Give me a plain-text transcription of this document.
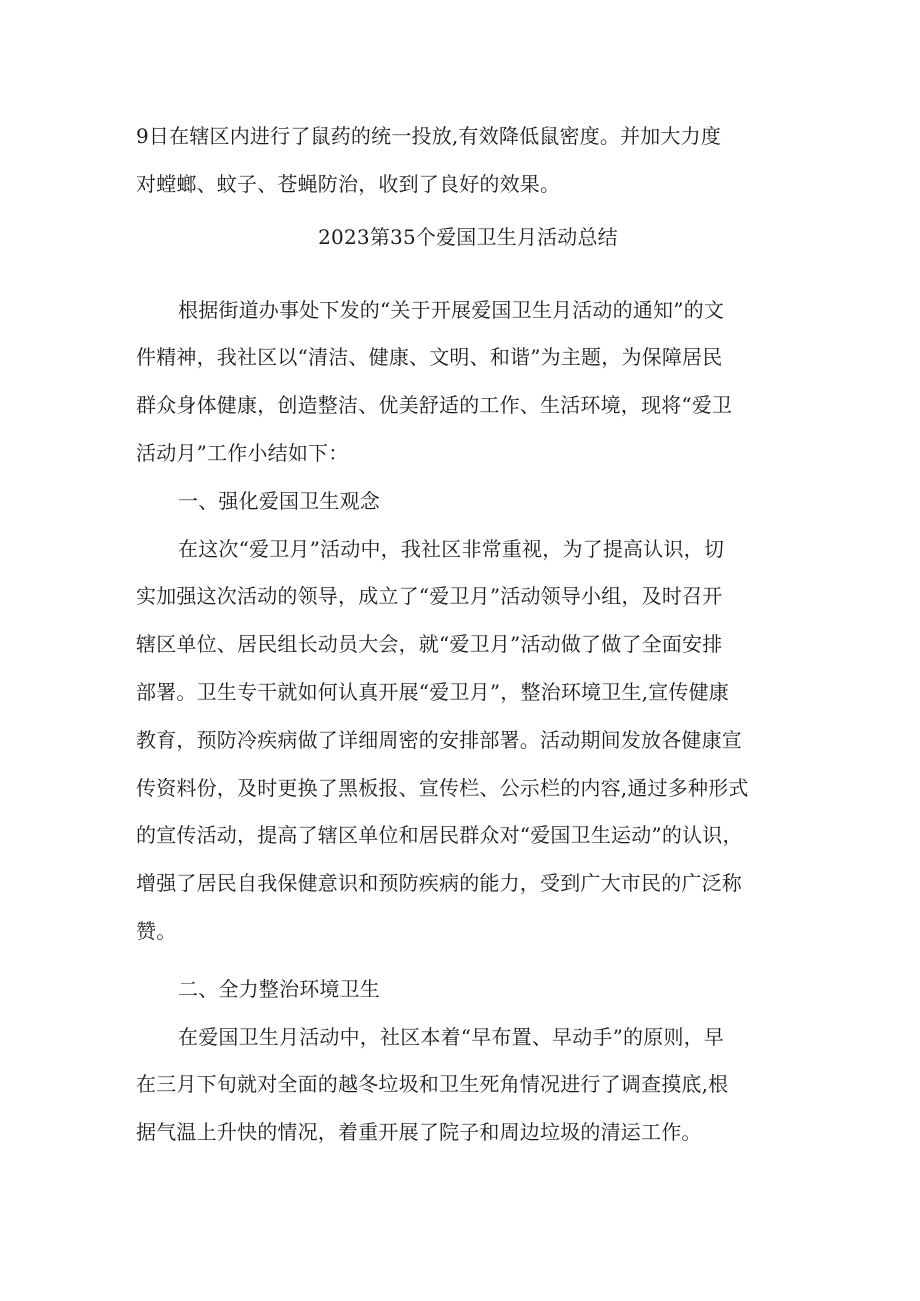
9日在辖区内进行了鼠药的统一投放,有效降低鼠密度。并加大力度
对螳螂、蚊子、苍蝇防治，收到了良好的效果。
2023第35个爱国卫生月活动总结
根据街道办事处下发的“关于开展爱国卫生月活动的通知”的文
件精神，我社区以“清洁、健康、文明、和谐”为主题，为保障居民
群众身体健康，创造整洁、优美舒适的工作、生活环境，现将“爱卫
活动月”工作小结如下：
一、强化爱国卫生观念
在这次“爱卫月”活动中，我社区非常重视，为了提高认识，切
实加强这次活动的领导，成立了“爱卫月”活动领导小组，及时召开
辖区单位、居民组长动员大会，就“爱卫月”活动做了做了全面安排
部署。卫生专干就如何认真开展“爱卫月”，整治环境卫生,宣传健康
教育，预防冷疾病做了详细周密的安排部署。活动期间发放各健康宣
传资料份，及时更换了黑板报、宣传栏、公示栏的内容,通过多种形式
的宣传活动，提高了辖区单位和居民群众对“爱国卫生运动”的认识，
增强了居民自我保健意识和预防疾病的能力，受到广大市民的广泛称
赞。
二、全力整治环境卫生
在爱国卫生月活动中，社区本着“早布置、早动手”的原则，早
在三月下旬就对全面的越冬垃圾和卫生死角情况进行了调查摸底,根
据气温上升快的情况，着重开展了院子和周边垃圾的清运工作。
